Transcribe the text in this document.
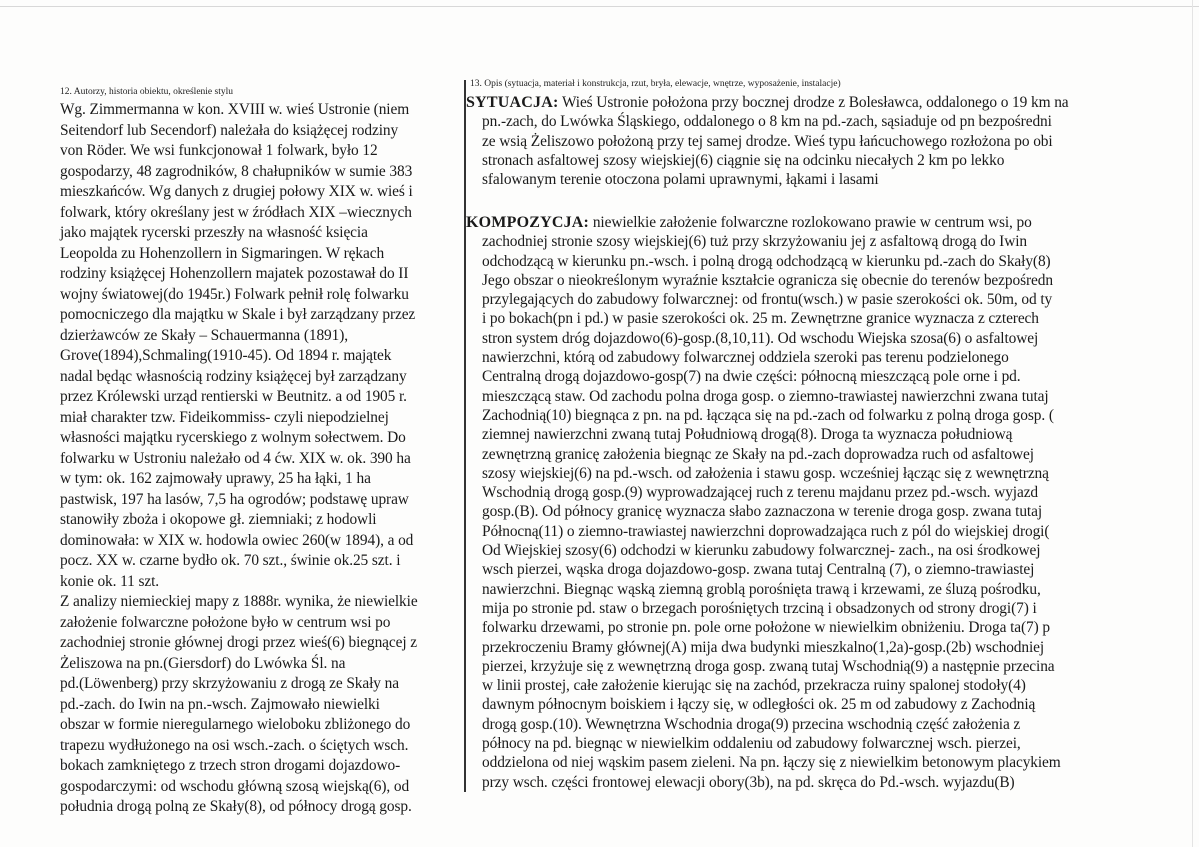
12. Autorzy, historia obiektu, określenie stylu
Wg. Zimmermanna w kon. XVIII w. wieś Ustronie (niem
Seitendorf lub Secendorf) należała do książęcej rodziny
von Röder. We wsi funkcjonował 1 folwark, było 12
gospodarzy, 48 zagrodników, 8 chałupników w sumie 383
mieszkańców. Wg danych z drugiej połowy XIX w. wieś i
folwark, który określany jest w źródłach XIX –wiecznych
jako majątek rycerski przeszły na własność księcia
Leopolda zu Hohenzollern in Sigmaringen. W rękach
rodziny książęcej Hohenzollern majatek pozostawał do II
wojny światowej(do 1945r.) Folwark pełnił rolę folwarku
pomocniczego dla majątku w Skale i był zarządzany przez
dzierżawców ze Skały – Schauermanna (1891),
Grove(1894),Schmaling(1910-45). Od 1894 r. majątek
nadal będąc własnością rodziny książęcej był zarządzany
przez Królewski urząd rentierski w Beutnitz. a od 1905 r.
miał charakter tzw. Fideikommiss- czyli niepodzielnej
własności majątku rycerskiego z wolnym sołectwem. Do
folwarku w Ustroniu należało od 4 ćw. XIX w. ok. 390 ha
w tym: ok. 162 zajmowały uprawy, 25 ha łąki, 1 ha
pastwisk, 197 ha lasów, 7,5 ha ogrodów; podstawę upraw
stanowiły zboża i okopowe gł. ziemniaki; z hodowli
dominowała: w XIX w. hodowla owiec 260(w 1894), a od
pocz. XX w. czarne bydło ok. 70 szt., świnie ok.25 szt. i
konie ok. 11 szt.
Z analizy niemieckiej mapy z 1888r. wynika, że niewielkie
założenie folwarczne położone było w centrum wsi po
zachodniej stronie głównej drogi przez wieś(6) biegnącej z
Żeliszowa na pn.(Giersdorf) do Lwówka Śl. na
pd.(Löwenberg) przy skrzyżowaniu z drogą ze Skały na
pd.-zach. do Iwin na pn.-wsch. Zajmowało niewielki
obszar w formie nieregularnego wieloboku zbliżonego do
trapezu wydłużonego na osi wsch.-zach. o ściętych wsch.
bokach zamkniętego z trzech stron drogami dojazdowo-
gospodarczymi: od wschodu główną szosą wiejską(6), od
południa drogą polną ze Skały(8), od północy drogą gosp.
13. Opis (sytuacja, materiał i konstrukcja, rzut, bryła, elewacje, wnętrze, wyposażenie, instalacje)
SYTUACJA: Wieś Ustronie położona przy bocznej drodze z Bolesławca, oddalonego o 19 km na
pn.-zach, do Lwówka Śląskiego, oddalonego o 8 km na pd.-zach, sąsiaduje od pn bezpośredni
ze wsią Żeliszowo położoną przy tej samej drodze. Wieś typu łańcuchowego rozłożona po obi
stronach asfaltowej szosy wiejskiej(6) ciągnie się na odcinku niecałych 2 km po lekko
sfalowanym terenie otoczona polami uprawnymi, łąkami i lasami
KOMPOZYCJA: niewielkie założenie folwarczne rozlokowano prawie w centrum wsi, po
zachodniej stronie szosy wiejskiej(6) tuż przy skrzyżowaniu jej z asfaltową drogą do Iwin
odchodzącą w kierunku pn.-wsch. i polną drogą odchodzącą w kierunku pd.-zach do Skały(8)
Jego obszar o nieokreślonym wyraźnie kształcie ogranicza się obecnie do terenów bezpośredn
przylegających do zabudowy folwarcznej: od frontu(wsch.) w pasie szerokości ok. 50m, od ty
i po bokach(pn i pd.) w pasie szerokości ok. 25 m. Zewnętrzne granice wyznacza z czterech
stron system dróg dojazdowo(6)-gosp.(8,10,11). Od wschodu Wiejska szosa(6) o asfaltowej
nawierzchni, którą od zabudowy folwarcznej oddziela szeroki pas terenu podzielonego
Centralną drogą dojazdowo-gosp(7) na dwie części: północną mieszczącą pole orne i pd.
mieszczącą staw. Od zachodu polna droga gosp. o ziemno-trawiastej nawierzchni zwana tutaj
Zachodnią(10) biegnąca z pn. na pd. łącząca się na pd.-zach od folwarku z polną droga gosp. (
ziemnej nawierzchni zwaną tutaj Południową drogą(8). Droga ta wyznacza południową
zewnętrzną granicę założenia biegnąc ze Skały na pd.-zach doprowadza ruch od asfaltowej
szosy wiejskiej(6) na pd.-wsch. od założenia i stawu gosp. wcześniej łącząc się z wewnętrzną
Wschodnią drogą gosp.(9) wyprowadzającej ruch z terenu majdanu przez pd.-wsch. wyjazd
gosp.(B). Od północy granicę wyznacza słabo zaznaczona w terenie droga gosp. zwana tutaj
Północną(11) o ziemno-trawiastej nawierzchni doprowadzająca ruch z pól do wiejskiej drogi(
Od Wiejskiej szosy(6) odchodzi w kierunku zabudowy folwarcznej- zach., na osi środkowej
wsch pierzei, wąska droga dojazdowo-gosp. zwana tutaj Centralną (7), o ziemno-trawiastej
nawierzchni. Biegnąc wąską ziemną groblą porośnięta trawą i krzewami, ze śluzą pośrodku,
mija po stronie pd. staw o brzegach porośniętych trzciną i obsadzonych od strony drogi(7) i
folwarku drzewami, po stronie pn. pole orne położone w niewielkim obniżeniu. Droga ta(7) p
przekroczeniu Bramy głównej(A) mija dwa budynki mieszkalno(1,2a)-gosp.(2b) wschodniej
pierzei, krzyżuje się z wewnętrzną droga gosp. zwaną tutaj Wschodnią(9) a następnie przecina
w linii prostej, całe założenie kierując się na zachód, przekracza ruiny spalonej stodoły(4)
dawnym północnym boiskiem i łączy się, w odległości ok. 25 m od zabudowy z Zachodnią
drogą gosp.(10). Wewnętrzna Wschodnia droga(9) przecina wschodnią część założenia z
północy na pd. biegnąc w niewielkim oddaleniu od zabudowy folwarcznej wsch. pierzei,
oddzielona od niej wąskim pasem zieleni. Na pn. łączy się z niewielkim betonowym placykiem
przy wsch. części frontowej elewacji obory(3b), na pd. skręca do Pd.-wsch. wyjazdu(B)
